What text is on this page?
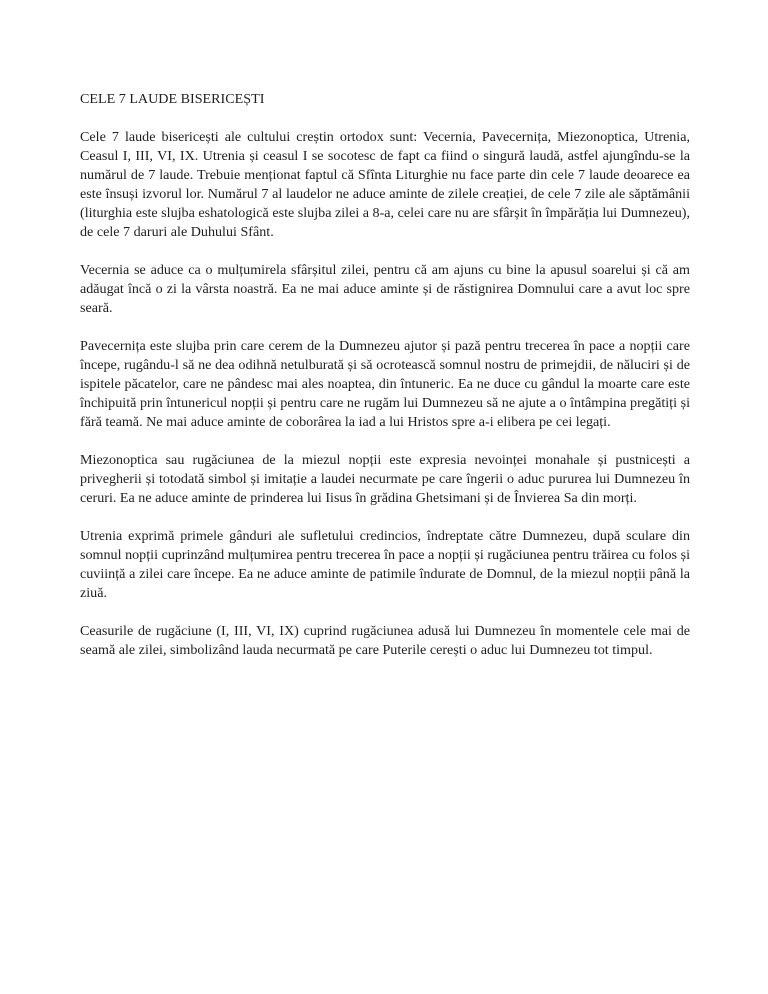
CELE 7 LAUDE BISERICEȘTI

Cele 7 laude bisericești ale cultului creștin ortodox sunt: Vecernia, Pavecernița, Miezonoptica, Utrenia, Ceasul I, III, VI, IX. Utrenia și ceasul I se socotesc de fapt ca fiind o singură laudă, astfel ajungîndu-se la numărul de 7 laude. Trebuie menționat faptul că Sfînta Liturghie nu face parte din cele 7 laude deoarece ea este însuși izvorul lor. Numărul 7 al laudelor ne aduce aminte de zilele creației, de cele 7 zile ale săptămânii (liturghia este slujba eshatologică este slujba zilei a 8-a, celei care nu are sfârșit în împărăția lui Dumnezeu), de cele 7 daruri ale Duhului Sfânt.

Vecernia se aduce ca o mulțumirela sfârșitul zilei, pentru că am ajuns cu bine la apusul soarelui și că am adăugat încă o zi la vârsta noastră. Ea ne mai aduce aminte și de răstignirea Domnului care a avut loc spre seară.

Pavecernița este slujba prin care cerem de la Dumnezeu ajutor și pază pentru trecerea în pace a nopții care începe, rugându-l să ne dea odihnă netulburată și să ocrotească somnul nostru de primejdii, de năluciri și de ispitele păcatelor, care ne pândesc mai ales noaptea, din întuneric. Ea ne duce cu gândul la moarte care este închipuită prin întunericul nopții și pentru care ne rugăm lui Dumnezeu să ne ajute a o întâmpina pregătiți și fără teamă. Ne mai aduce aminte de coborârea la iad a lui Hristos spre a-i elibera pe cei legați.

Miezonoptica sau rugăciunea de la miezul nopții este expresia nevoinței monahale și pustnicești a privegherii și totodată simbol și imitație a laudei necurmate pe care îngerii o aduc pururea lui Dumnezeu în ceruri. Ea ne aduce aminte de prinderea lui Iisus în grădina Ghetsimani și de Învierea Sa din morți.

Utrenia exprimă primele gânduri ale sufletului credincios, îndreptate către Dumnezeu, după sculare din somnul nopții cuprinzând mulțumirea pentru trecerea în pace a nopții și rugăciunea pentru trăirea cu folos și cuviință a zilei care începe. Ea ne aduce aminte de patimile îndurate de Domnul, de la miezul nopții până la ziuă.

Ceasurile de rugăciune (I, III, VI, IX) cuprind rugăciunea adusă lui Dumnezeu în momentele cele mai de seamă ale zilei, simbolizând lauda necurmată pe care Puterile cerești o aduc lui Dumnezeu tot timpul.
